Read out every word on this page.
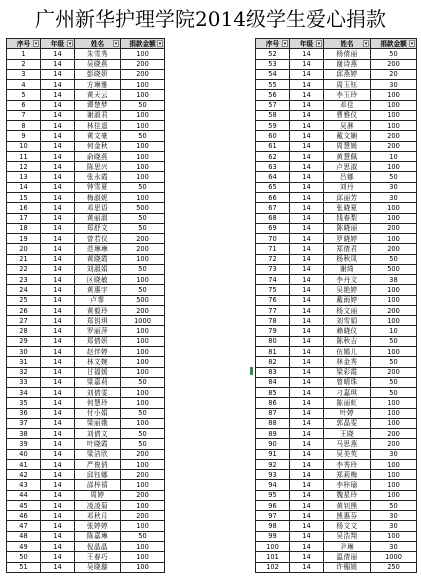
广州新华护理学院2014级学生爱心捐款
序号 ▾	年级 ▾	姓名 ▾	捐款金额 ▾

1	14	朱雪秀	100
2	14	吴晓燕	200
3	14	彭晓妍	200
4	14	方琳雅	100
5	14	黄天云	100
6	14	谭楚梦	50
7	14	谢淑君	100
8	14	林佳遥	100
9	14	黄文豪	50
10	14	何金秋	100
11	14	俞晓燕	100
12	14	陈思兴	100
13	14	张永霞	100
14	14	钟雪夏	50
15	14	梅淑妮	100
16	14	邓思语	500
17	14	黄丽淑	50
18	14	郑舒文	50
19	14	曾若仪	200
20	14	范琳琳	200
21	14	黄晓霞	100
22	14	刘淑娟	50
23	14	区晓敏	100
24	14	黄惠宇	50
25	14	卢霏	500
26	14	黄毅玲	200
27	14	郑钥琪	1000
28	14	罗丽萍	100
29	14	郑倩妍	100
30	14	赵伴婷	100
31	14	林文婉	100
32	14	甘福媛	100
33	14	梁嘉莉	50
34	14	刘倩雯	100
35	14	何慧玲	100
36	14	付小娟	50
37	14	梁丽娥	100
38	14	刘倩文	50
39	14	叶晓霞	50
40	14	梁洁欣	200
41	14	严俊俏	100
42	14	邱钰娜	200
43	14	邵梓禧	100
44	14	周婷	200
45	14	凌凌菊	100
46	14	邓秋月	200
47	14	张婷婷	100
48	14	陈嘉琳	50
49	14	倪晶晶	100
50	14	王春巧	100
51	14	吴晓璇	100
序号 ▾	年级 ▾	姓名 ▾	捐款金额 ▾

52	14	杨倩丽	50
53	14	谢诗燕	200
54	14	邱燕婷	20
55	14	周玉钰	30
56	14	李玉玲	100
57	14	邓佳	100
58	14	曹雅仪	100
59	14	吴淋	100
60	14	戴文娴	200
61	14	周慧媛	200
62	14	黄慧佩	10
63	14	卢思淑	100
64	14	吕娜	50
65	14	刘丹	30
66	14	邱丽芳	30
67	14	张晓夏	100
68	14	钱春梨	100
69	14	陈晓丽	200
70	14	罗晓婷	100
71	14	郑倩君	200
72	14	杨秋凤	50
73	14	谢绮	500
74	14	李丹文	38
75	14	吴艳婷	100
76	14	戴雨婷	100
77	14	杨文丽	200
78	14	刘雪娟	100
79	14	赖晓仪	10
80	14	陈秋吉	50
81	14	伍嫣儿	100
82	14	林金秀	50
83	14	梁彩霞	200
84	14	曾晴珠	50
85	14	刁嘉琪	50
86	14	陈丽虹	100
87	14	叶婷	100
88	14	郭晶雯	100
89	14	王晓	200
90	14	马思燕	200
91	14	吴美英	30
92	14	李秀玲	100
93	14	郑莉梅	100
94	14	李梓瑜	100
95	14	魏星玲	100
96	14	黄钊熊	50
97	14	熊惠芬	30
98	14	杨文文	30
99	14	吴浩翔	100
100	14	尹琳	30
101	14	温倩丽	1000
102	14	许楣媛	250
